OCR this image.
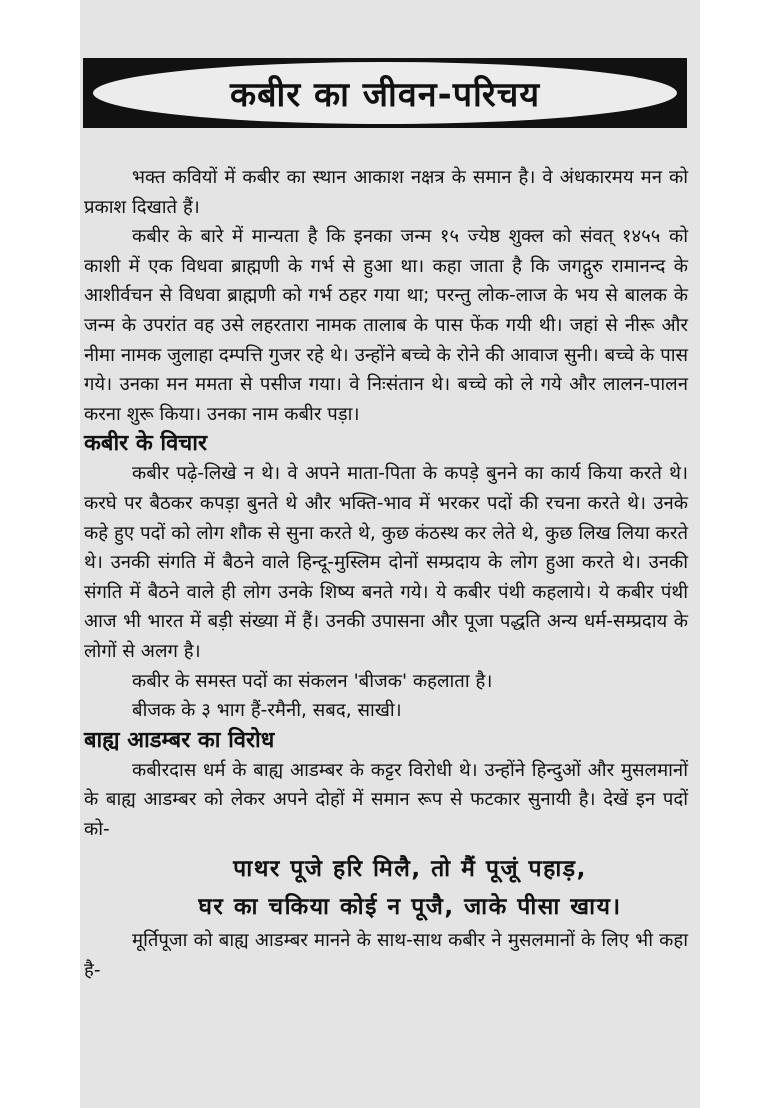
कबीर का जीवन-परिचय

भक्त कवियों में कबीर का स्थान आकाश नक्षत्र के समान है। वे अंधकारमय मन को प्रकाश दिखाते हैं।

कबीर के बारे में मान्यता है कि इनका जन्म १५ ज्येष्ठ शुक्ल को संवत् १४५५ को काशी में एक विधवा ब्राह्मणी के गर्भ से हुआ था। कहा जाता है कि जगद्गुरु रामानन्द के आशीर्वचन से विधवा ब्राह्मणी को गर्भ ठहर गया था; परन्तु लोक-लाज के भय से बालक के जन्म के उपरांत वह उसे लहरतारा नामक तालाब के पास फेंक गयी थी। जहां से नीरू और नीमा नामक जुलाहा दम्पत्ति गुजर रहे थे। उन्होंने बच्चे के रोने की आवाज सुनी। बच्चे के पास गये। उनका मन ममता से पसीज गया। वे निःसंतान थे। बच्चे को ले गये और लालन-पालन करना शुरू किया। उनका नाम कबीर पड़ा।

कबीर के विचार

कबीर पढ़े-लिखे न थे। वे अपने माता-पिता के कपड़े बुनने का कार्य किया करते थे। करघे पर बैठकर कपड़ा बुनते थे और भक्ति-भाव में भरकर पदों की रचना करते थे। उनके कहे हुए पदों को लोग शौक से सुना करते थे, कुछ कंठस्थ कर लेते थे, कुछ लिख लिया करते थे। उनकी संगति में बैठने वाले हिन्दू-मुस्लिम दोनों सम्प्रदाय के लोग हुआ करते थे। उनकी संगति में बैठने वाले ही लोग उनके शिष्य बनते गये। ये कबीर पंथी कहलाये। ये कबीर पंथी आज भी भारत में बड़ी संख्या में हैं। उनकी उपासना और पूजा पद्धति अन्य धर्म-सम्प्रदाय के लोगों से अलग है।

कबीर के समस्त पदों का संकलन 'बीजक' कहलाता है।

बीजक के ३ भाग हैं-रमैनी, सबद, साखी।

बाह्य आडम्बर का विरोध

कबीरदास धर्म के बाह्य आडम्बर के कट्टर विरोधी थे। उन्होंने हिन्दुओं और मुसलमानों के बाह्य आडम्बर को लेकर अपने दोहों में समान रूप से फटकार सुनायी है। देखें इन पदों को-

पाथर पूजे हरि मिलै, तो मैं पूजूं पहाड़,

घर का चकिया कोई न पूजै, जाके पीसा खाय।

मूर्तिपूजा को बाह्य आडम्बर मानने के साथ-साथ कबीर ने मुसलमानों के लिए भी कहा है-
